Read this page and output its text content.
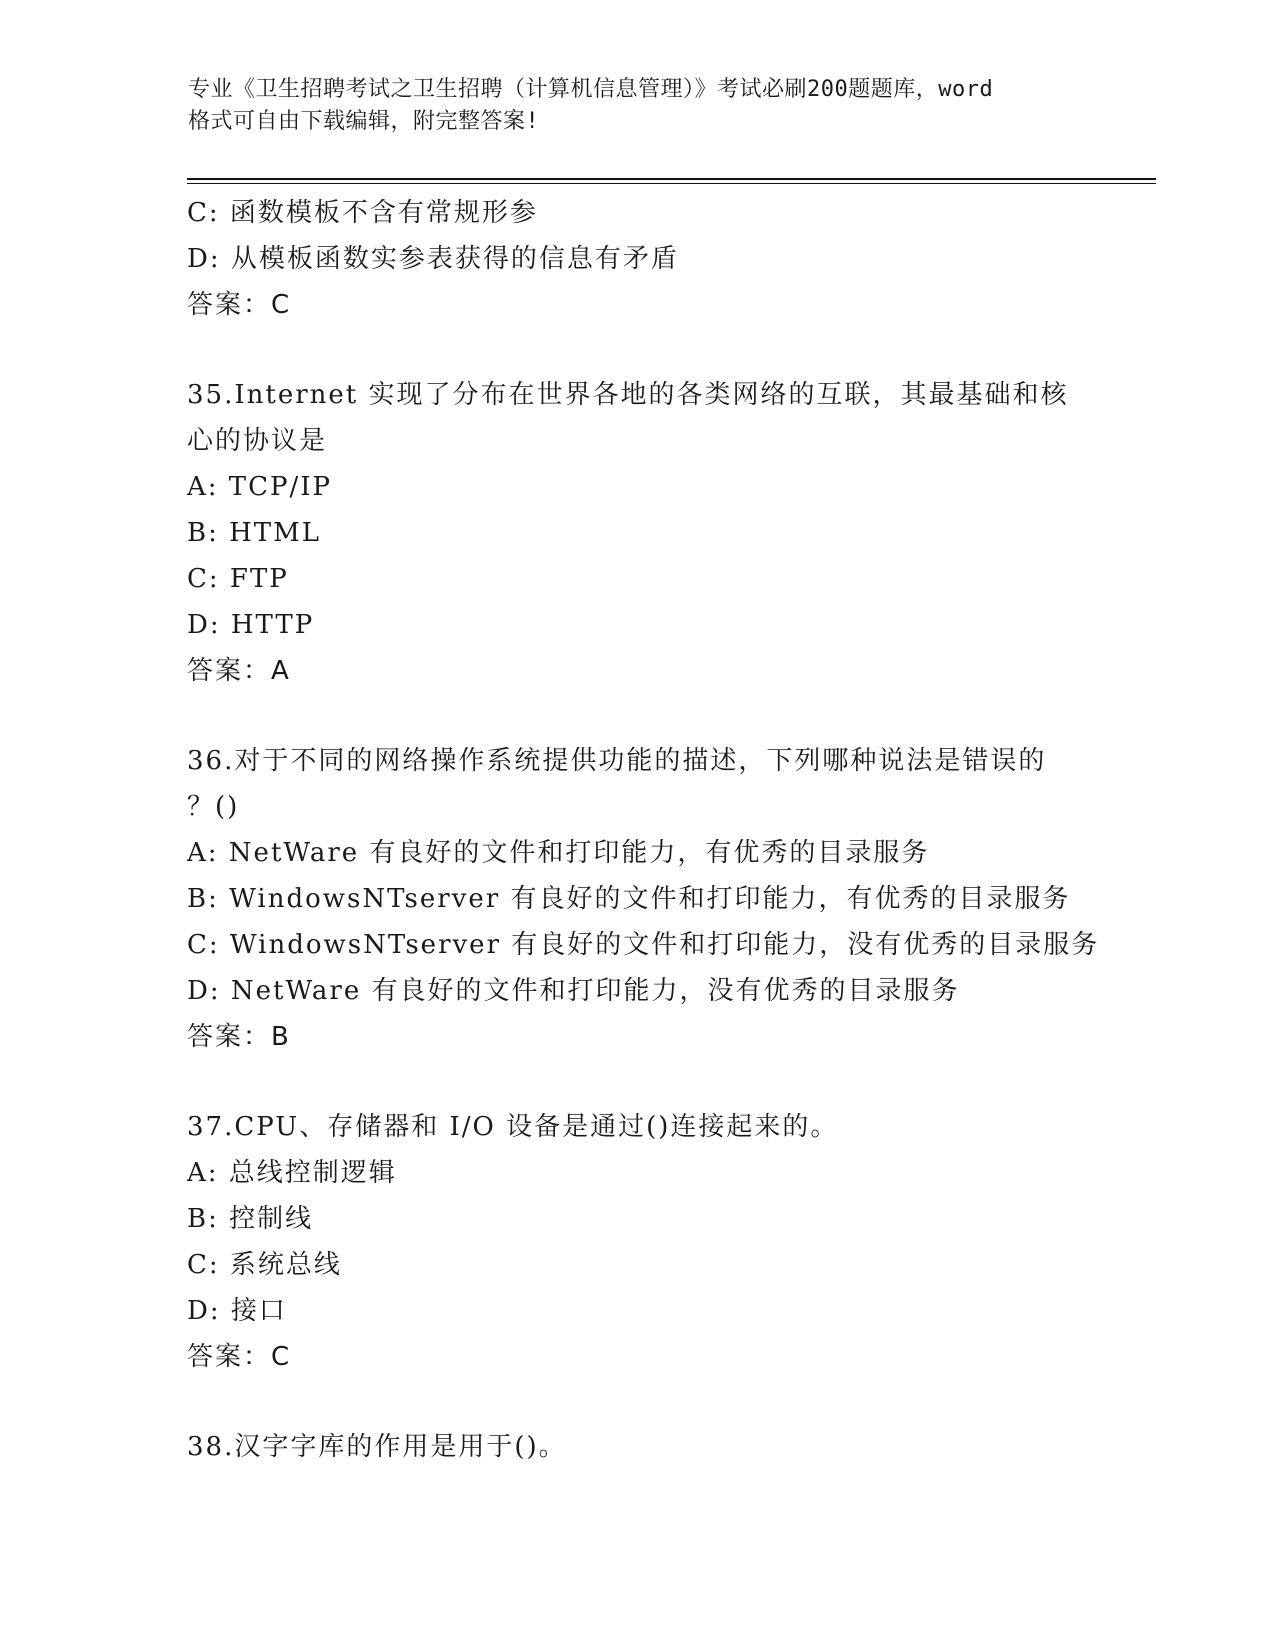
专业《卫生招聘考试之卫生招聘（计算机信息管理）》考试必刷200题题库，word
格式可自由下载编辑，附完整答案!
C: 函数模板不含有常规形参
D: 从模板函数实参表获得的信息有矛盾
答案：C
35.Internet 实现了分布在世界各地的各类网络的互联，其最基础和核
心的协议是
A: TCP/IP
B: HTML
C: FTP
D: HTTP
答案：A
36.对于不同的网络操作系统提供功能的描述，下列哪种说法是错误的
？()
A: NetWare 有良好的文件和打印能力，有优秀的目录服务
B: WindowsNTserver 有良好的文件和打印能力，有优秀的目录服务
C: WindowsNTserver 有良好的文件和打印能力，没有优秀的目录服务
D: NetWare 有良好的文件和打印能力，没有优秀的目录服务
答案：B
37.CPU、存储器和 I/O 设备是通过()连接起来的。
A: 总线控制逻辑
B: 控制线
C: 系统总线
D: 接口
答案：C
38.汉字字库的作用是用于()。
